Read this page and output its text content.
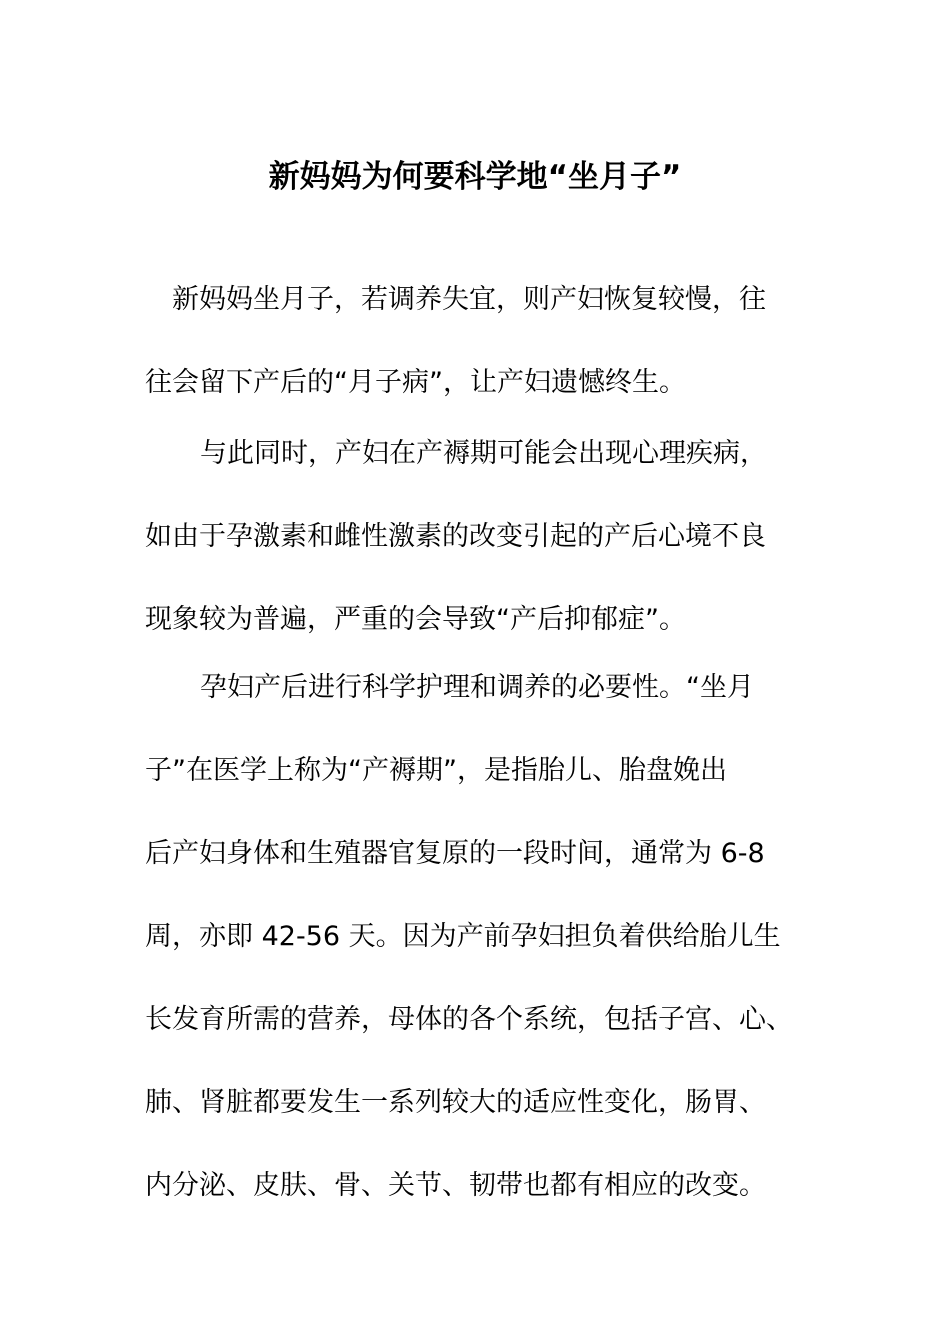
新妈妈为何要科学地“坐月子”

新妈妈坐月子，若调养失宜，则产妇恢复较慢，往

往会留下产后的“月子病”，让产妇遗憾终生。

与此同时，产妇在产褥期可能会出现心理疾病，

如由于孕激素和雌性激素的改变引起的产后心境不良

现象较为普遍，严重的会导致“产后抑郁症”。

孕妇产后进行科学护理和调养的必要性。“坐月

子”在医学上称为“产褥期”，是指胎儿、胎盘娩出

后产妇身体和生殖器官复原的一段时间，通常为 6-8

周，亦即 42-56 天。因为产前孕妇担负着供给胎儿生

长发育所需的营养，母体的各个系统，包括子宫、心、

肺、肾脏都要发生一系列较大的适应性变化，肠胃、

内分泌、皮肤、骨、关节、韧带也都有相应的改变。
